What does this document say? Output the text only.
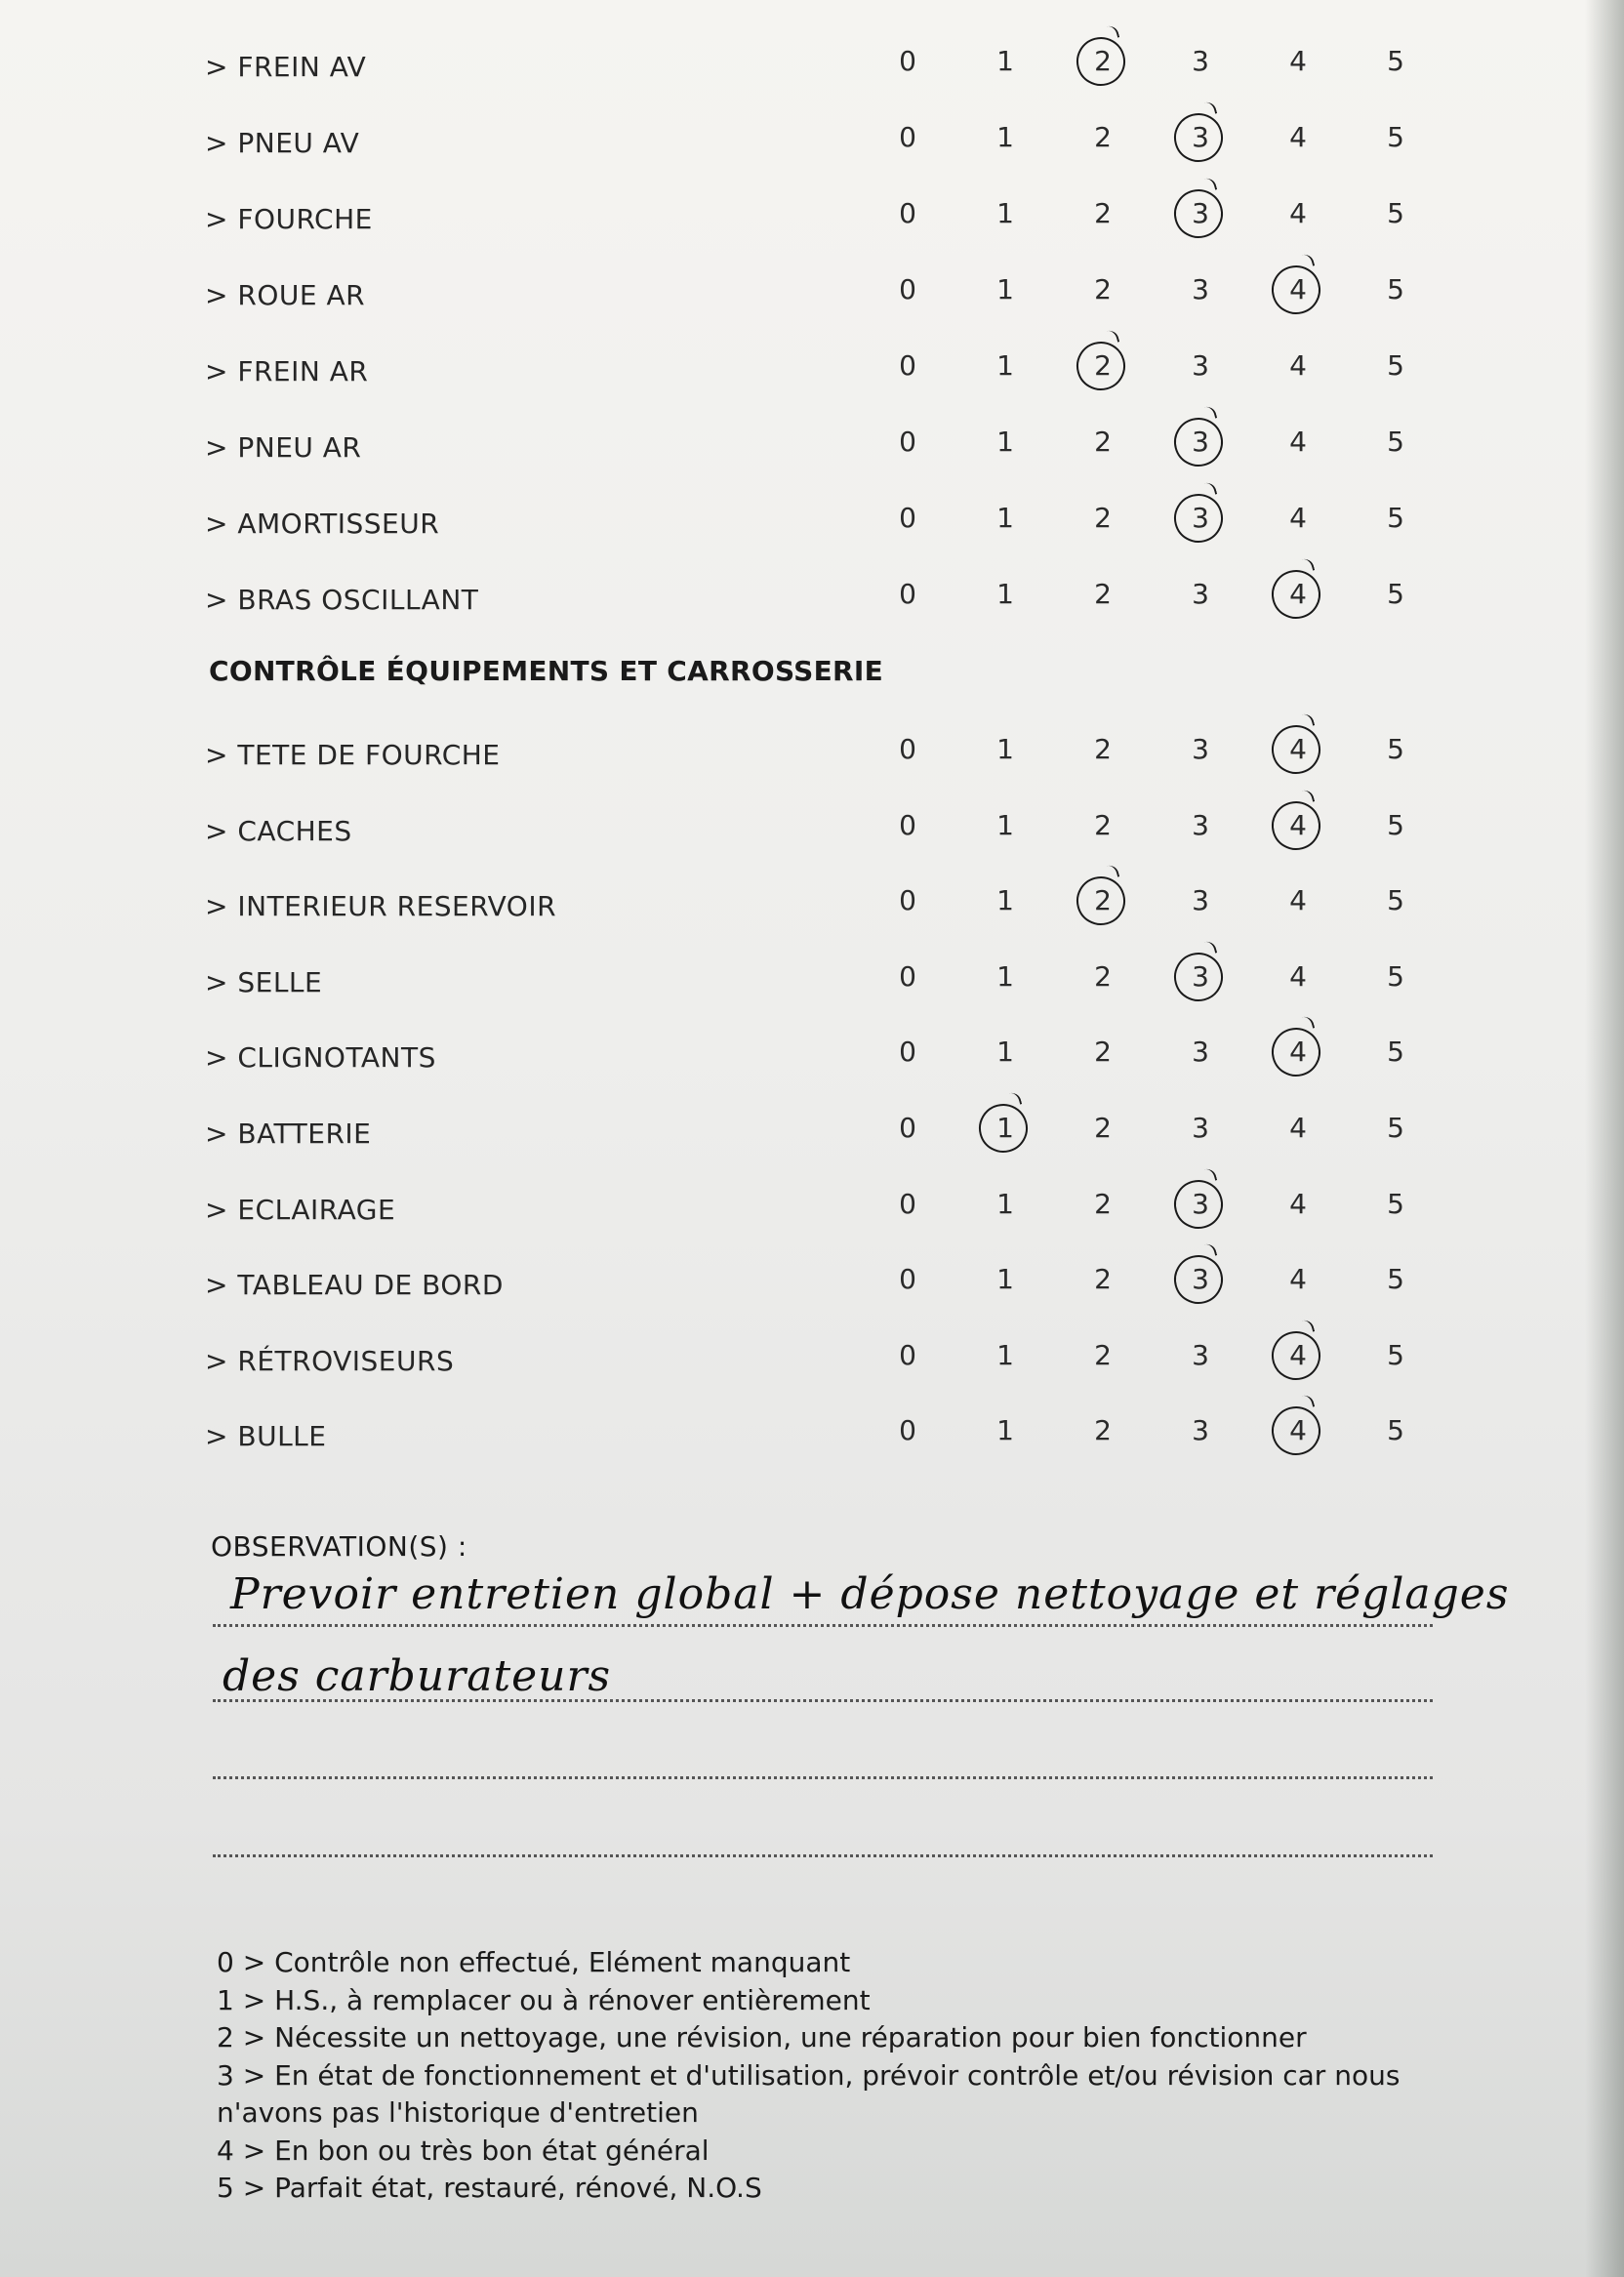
> FREIN AV	0	1	2	3	4	5
> PNEU AV	0	1	2	3	4	5
> FOURCHE	0	1	2	3	4	5
> ROUE AR	0	1	2	3	4	5
> FREIN AR	0	1	2	3	4	5
> PNEU AR	0	1	2	3	4	5
> AMORTISSEUR	0	1	2	3	4	5
> BRAS OSCILLANT	0	1	2	3	4	5
CONTRÔLE ÉQUIPEMENTS ET CARROSSERIE
> TETE DE FOURCHE	0	1	2	3	4	5
> CACHES	0	1	2	3	4	5
> INTERIEUR RESERVOIR	0	1	2	3	4	5
> SELLE	0	1	2	3	4	5
> CLIGNOTANTS	0	1	2	3	4	5
> BATTERIE	0	1	2	3	4	5
> ECLAIRAGE	0	1	2	3	4	5
> TABLEAU DE BORD	0	1	2	3	4	5
> RÉTROVISEURS	0	1	2	3	4	5
> BULLE	0	1	2	3	4	5
OBSERVATION(S) :
Prevoir entretien global + dépose nettoyage et réglages
des carburateurs
0 > Contrôle non effectué, Elément manquant
1 > H.S., à remplacer ou à rénover entièrement
2 > Nécessite un nettoyage, une révision, une réparation pour bien fonctionner
3 > En état de fonctionnement et d'utilisation, prévoir contrôle et/ou révision car nous
n'avons pas l'historique d'entretien
4 > En bon ou très bon état général
5 > Parfait état, restauré, rénové, N.O.S
